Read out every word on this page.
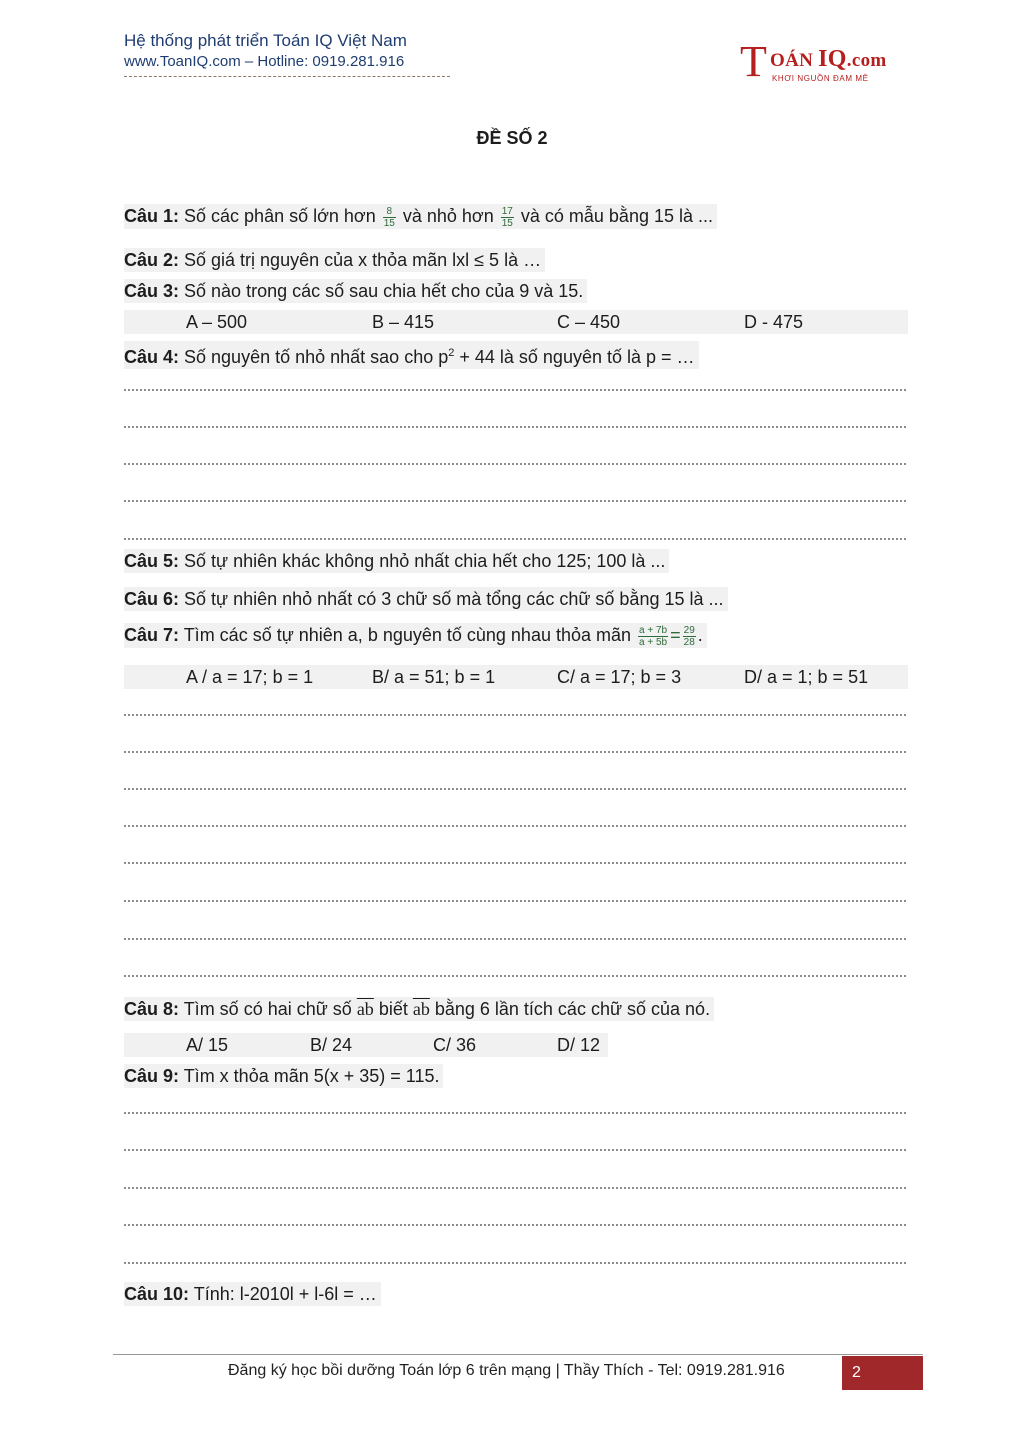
Hệ thống phát triển Toán IQ Việt Nam
www.ToanIQ.com – Hotline: 0919.281.916	T OÁN IQ.com
KHƠI NGUỒN ĐAM MÊ
ĐỀ SỐ 2
Câu 1: Số các phân số lớn hơn $\frac{8}{15}$ và nhỏ hơn $\frac{17}{15}$ và có mẫu bằng 15 là ...
Câu 2: Số giá trị nguyên của x thỏa mãn lxl ≤ 5 là …
Câu 3: Số nào trong các số sau chia hết cho của 9 và 15.
A – 500	B – 415	C – 450	D - 475
Câu 4: Số nguyên tố nhỏ nhất sao cho $p^2 + 44$ là số nguyên tố là p = …
Câu 5: Số tự nhiên khác không nhỏ nhất chia hết cho 125; 100 là ...
Câu 6: Số tự nhiên nhỏ nhất có 3 chữ số mà tổng các chữ số bằng 15 là ...
Câu 7: Tìm các số tự nhiên a, b nguyên tố cùng nhau thỏa mãn $\frac{a + 7b}{a + 5b} = \frac{29}{28}$ .
A / a = 17; b = 1	B/ a = 51; b = 1	C/ a = 17; b = 3	D/ a = 1; b = 51
Câu 8: Tìm số có hai chữ số $\overline{ab}$ biết $\overline{ab}$ bằng 6 lần tích các chữ số của nó.
A/ 15	B/ 24	C/ 36	D/ 12
Câu 9: Tìm x thỏa mãn 5(x + 35) = 115.
Câu 10: Tính: l-2010l + l-6l = …
Đăng ký học bồi dưỡng Toán lớp 6 trên mạng | Thầy Thích - Tel: 0919.281.916	2
